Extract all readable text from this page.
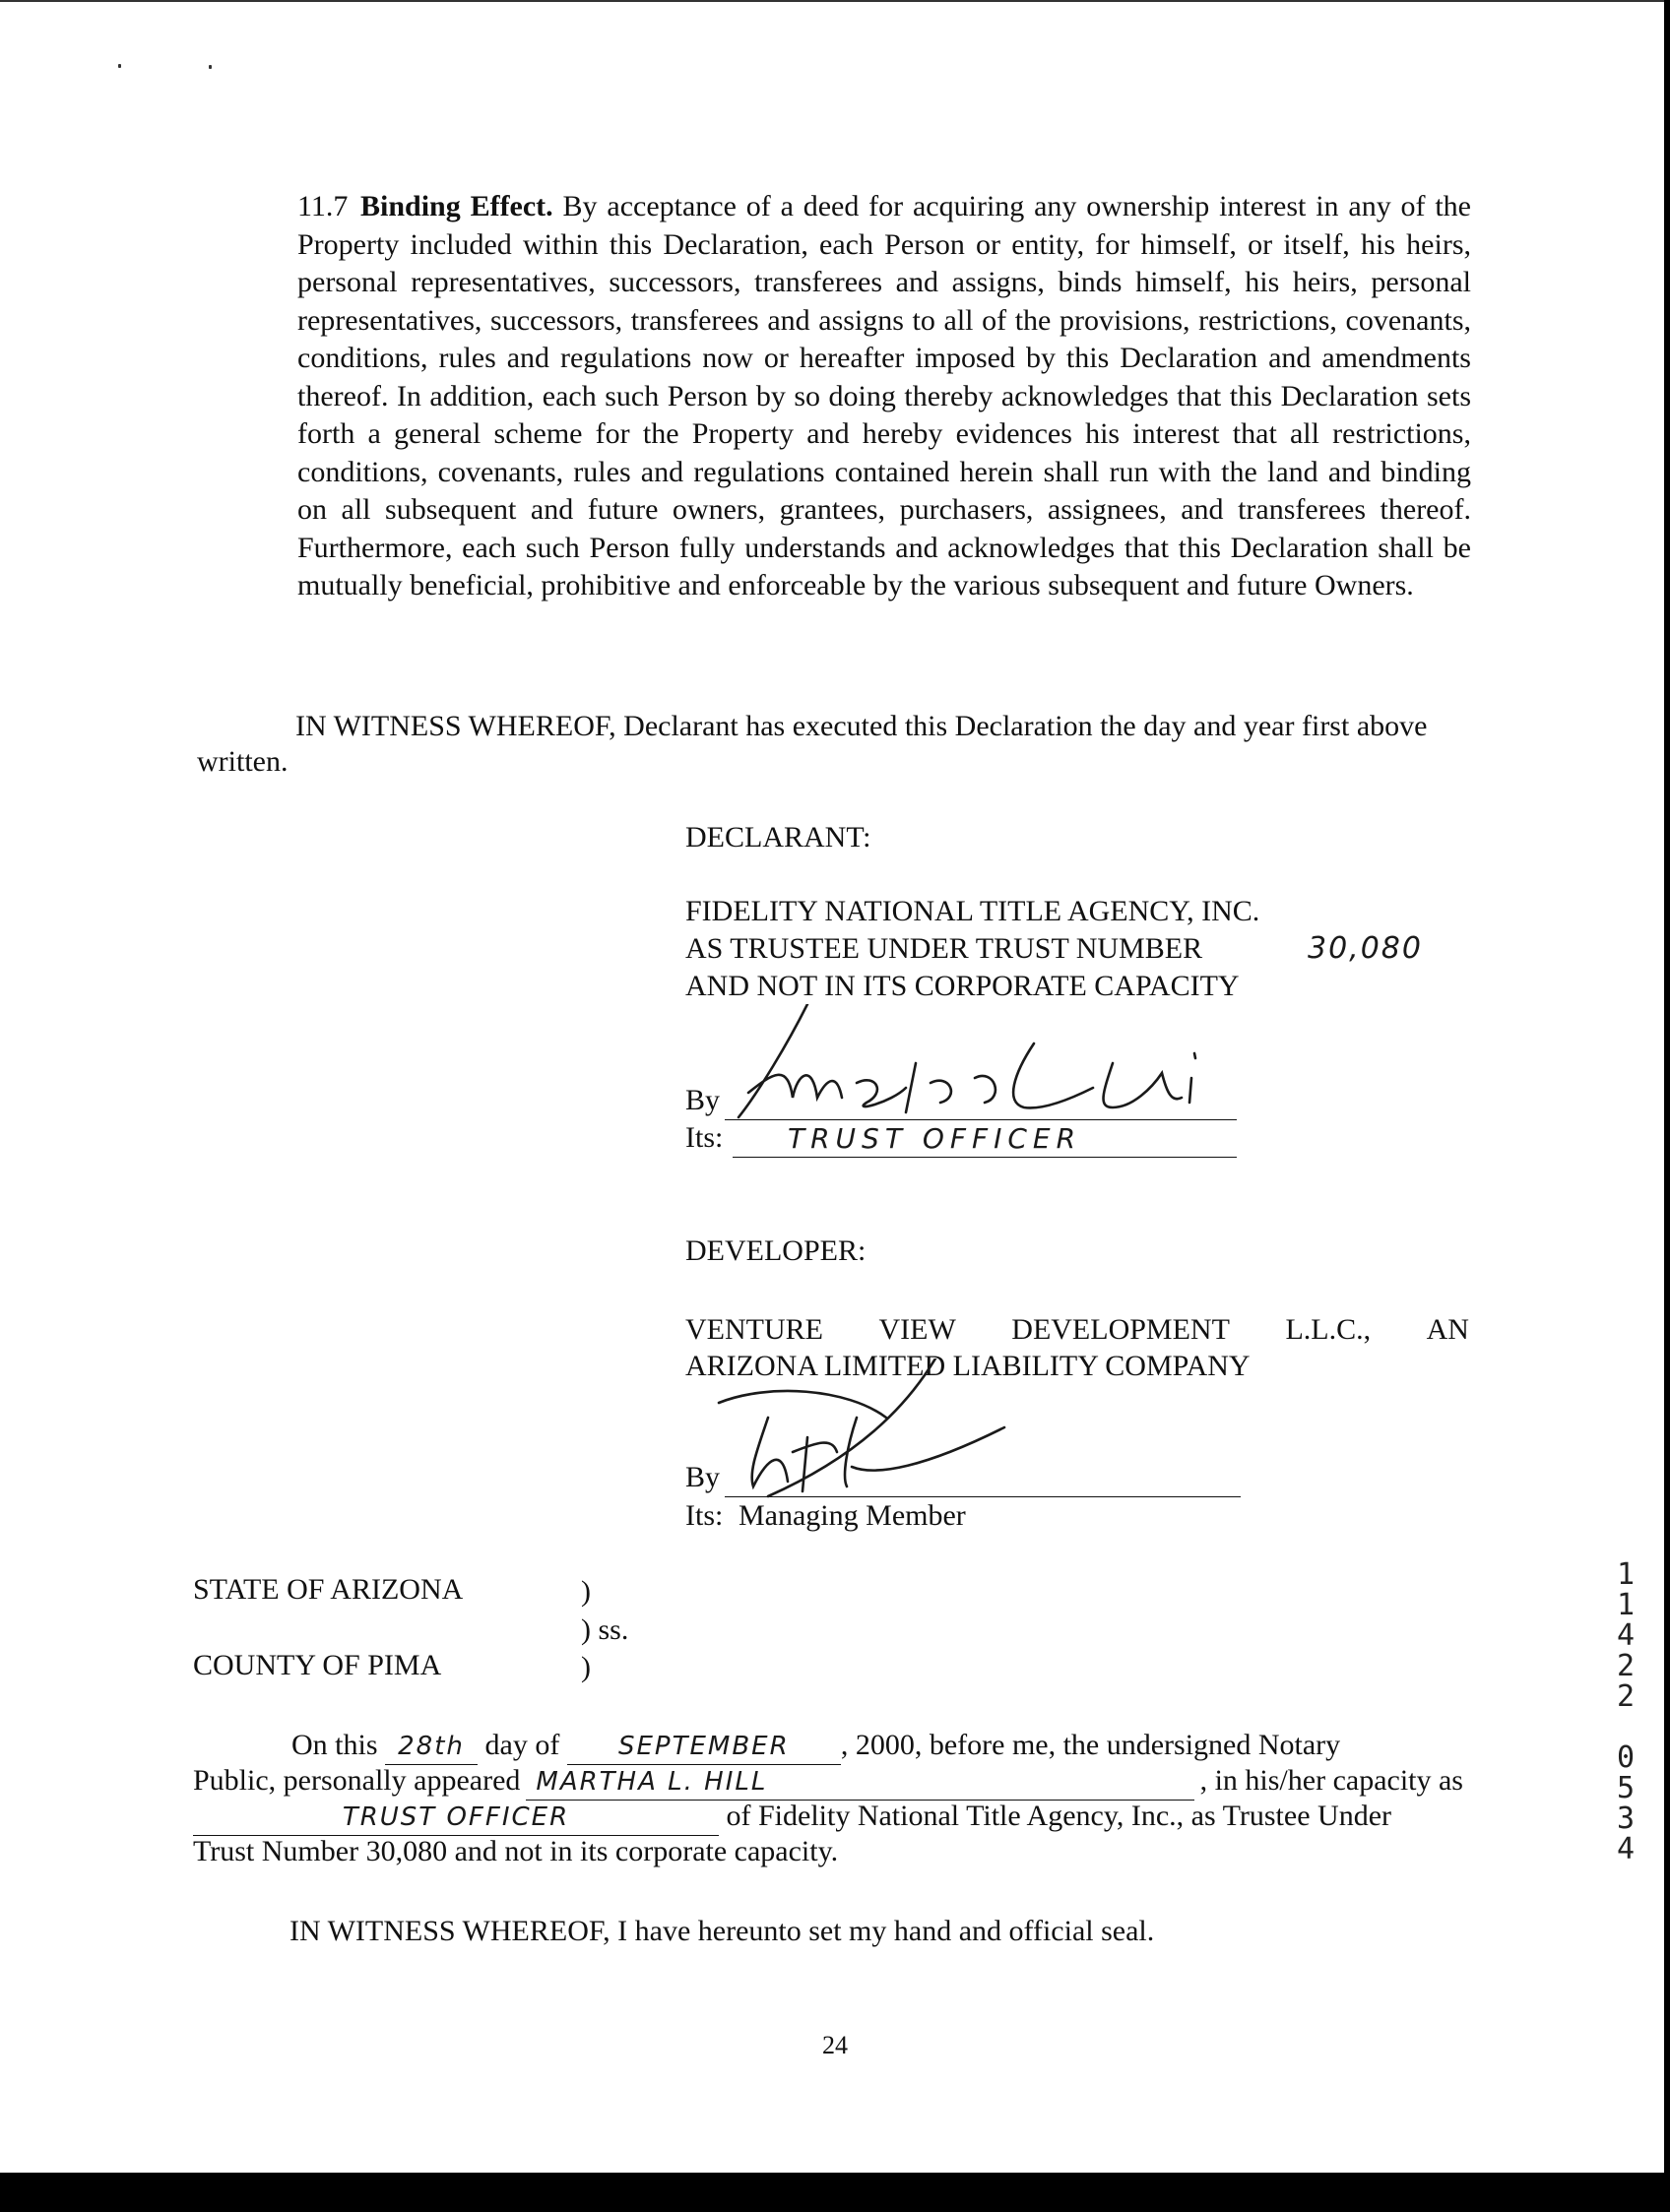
11.7 Binding Effect. By acceptance of a deed for acquiring any ownership interest in any of the Property included within this Declaration, each Person or entity, for himself, or itself, his heirs, personal representatives, successors, transferees and assigns, binds himself, his heirs, personal representatives, successors, transferees and assigns to all of the provisions, restrictions, covenants, conditions, rules and regulations now or hereafter imposed by this Declaration and amendments thereof. In addition, each such Person by so doing thereby acknowledges that this Declaration sets forth a general scheme for the Property and hereby evidences his interest that all restrictions, conditions, covenants, rules and regulations contained herein shall run with the land and binding on all subsequent and future owners, grantees, purchasers, assignees, and transferees thereof. Furthermore, each such Person fully understands and acknowledges that this Declaration shall be mutually beneficial, prohibitive and enforceable by the various subsequent and future Owners.
IN WITNESS WHEREOF, Declarant has executed this Declaration the day and year first above written.
DECLARANT:
FIDELITY NATIONAL TITLE AGENCY, INC.
AS TRUSTEE UNDER TRUST NUMBER	30,080
AND NOT IN ITS CORPORATE CAPACITY
By
Its: TRUST OFFICER
DEVELOPER:
VENTURE VIEW DEVELOPMENT L.L.C., AN
ARIZONA LIMITED LIABILITY COMPANY
By
Its: Managing Member
STATE OF ARIZONA	)
) ss.
COUNTY OF PIMA	)
On this 28th day of SEPTEMBER , 2000, before me, the undersigned Notary
Public, personally appeared MARTHA L. HILL	, in his/her capacity as
TRUST OFFICER	of Fidelity National Title Agency, Inc., as Trustee Under
Trust Number 30,080 and not in its corporate capacity.
IN WITNESS WHEREOF, I have hereunto set my hand and official seal.
1
1
4
2
2
0
5
3
4
24
